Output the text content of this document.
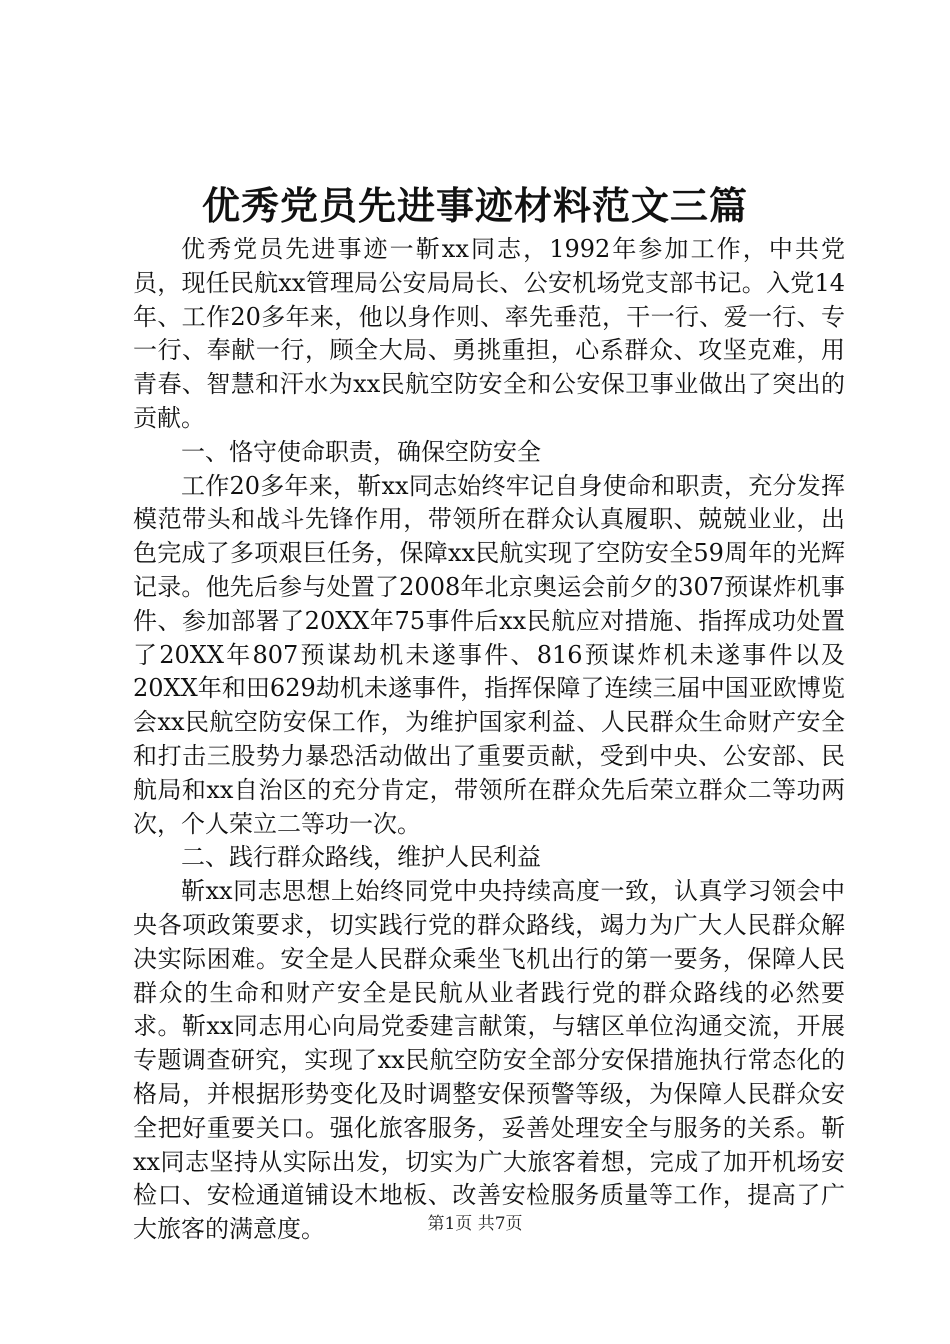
优秀党员先进事迹材料范文三篇

优秀党员先进事迹一靳xx同志，1992年参加工作，中共党员，现任民航xx管理局公安局局长、公安机场党支部书记。入党14年、工作20多年来，他以身作则、率先垂范，干一行、爱一行、专一行、奉献一行，顾全大局、勇挑重担，心系群众、攻坚克难，用青春、智慧和汗水为xx民航空防安全和公安保卫事业做出了突出的贡献。

一、恪守使命职责，确保空防安全

工作20多年来，靳xx同志始终牢记自身使命和职责，充分发挥模范带头和战斗先锋作用，带领所在群众认真履职、兢兢业业，出色完成了多项艰巨任务，保障xx民航实现了空防安全59周年的光辉记录。他先后参与处置了2008年北京奥运会前夕的307预谋炸机事件、参加部署了20XX年75事件后xx民航应对措施、指挥成功处置了20XX年807预谋劫机未遂事件、816预谋炸机未遂事件以及20XX年和田629劫机未遂事件，指挥保障了连续三届中国亚欧博览会xx民航空防安保工作，为维护国家利益、人民群众生命财产安全和打击三股势力暴恐活动做出了重要贡献，受到中央、公安部、民航局和xx自治区的充分肯定，带领所在群众先后荣立群众二等功两次，个人荣立二等功一次。

二、践行群众路线，维护人民利益

靳xx同志思想上始终同党中央持续高度一致，认真学习领会中央各项政策要求，切实践行党的群众路线，竭力为广大人民群众解决实际困难。安全是人民群众乘坐飞机出行的第一要务，保障人民群众的生命和财产安全是民航从业者践行党的群众路线的必然要求。靳xx同志用心向局党委建言献策，与辖区单位沟通交流，开展专题调查研究，实现了xx民航空防安全部分安保措施执行常态化的格局，并根据形势变化及时调整安保预警等级，为保障人民群众安全把好重要关口。强化旅客服务，妥善处理安全与服务的关系。靳xx同志坚持从实际出发，切实为广大旅客着想，完成了加开机场安检口、安检通道铺设木地板、改善安检服务质量等工作，提高了广大旅客的满意度。	第1页 共7页
